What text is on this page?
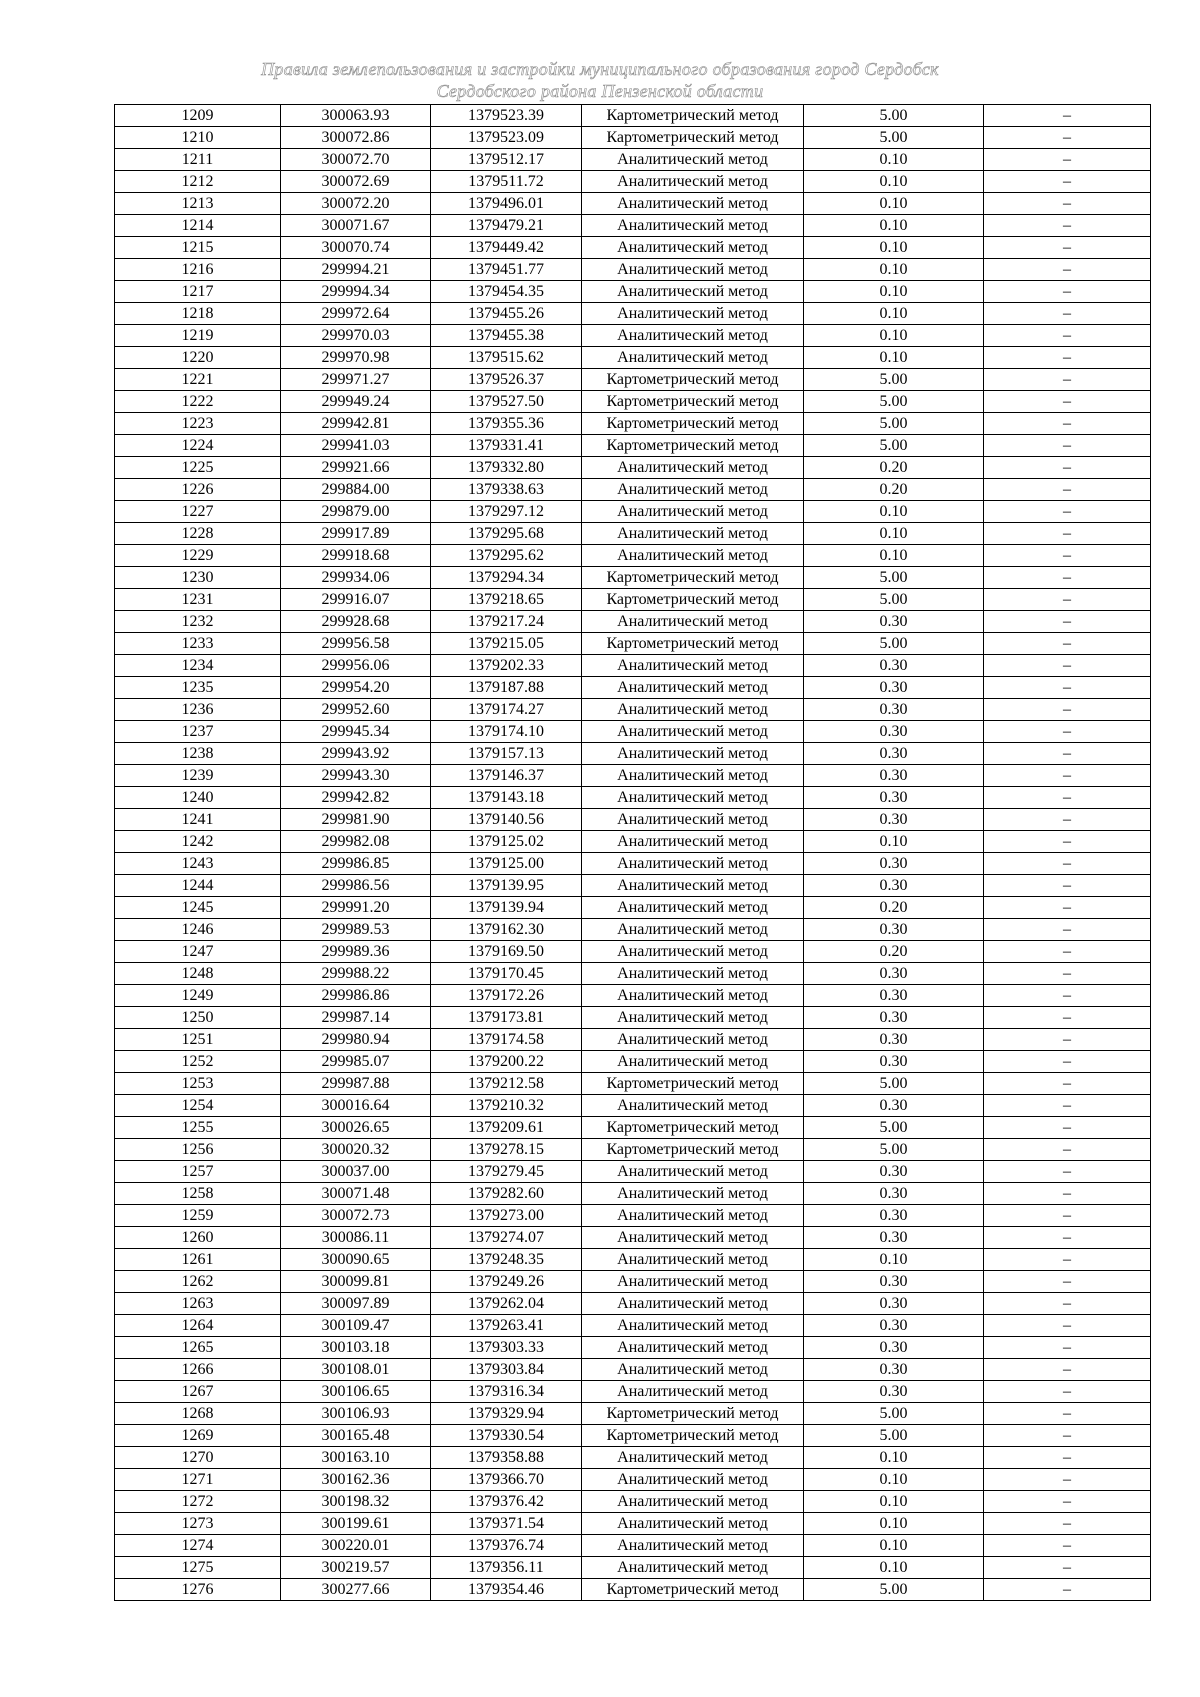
Правила землепользования и застройки муниципального образования город Сердобск
Сердобского района Пензенской области
1209	300063.93	1379523.39	Картометрический метод	5.00	–
1210	300072.86	1379523.09	Картометрический метод	5.00	–
1211	300072.70	1379512.17	Аналитический метод	0.10	–
1212	300072.69	1379511.72	Аналитический метод	0.10	–
1213	300072.20	1379496.01	Аналитический метод	0.10	–
1214	300071.67	1379479.21	Аналитический метод	0.10	–
1215	300070.74	1379449.42	Аналитический метод	0.10	–
1216	299994.21	1379451.77	Аналитический метод	0.10	–
1217	299994.34	1379454.35	Аналитический метод	0.10	–
1218	299972.64	1379455.26	Аналитический метод	0.10	–
1219	299970.03	1379455.38	Аналитический метод	0.10	–
1220	299970.98	1379515.62	Аналитический метод	0.10	–
1221	299971.27	1379526.37	Картометрический метод	5.00	–
1222	299949.24	1379527.50	Картометрический метод	5.00	–
1223	299942.81	1379355.36	Картометрический метод	5.00	–
1224	299941.03	1379331.41	Картометрический метод	5.00	–
1225	299921.66	1379332.80	Аналитический метод	0.20	–
1226	299884.00	1379338.63	Аналитический метод	0.20	–
1227	299879.00	1379297.12	Аналитический метод	0.10	–
1228	299917.89	1379295.68	Аналитический метод	0.10	–
1229	299918.68	1379295.62	Аналитический метод	0.10	–
1230	299934.06	1379294.34	Картометрический метод	5.00	–
1231	299916.07	1379218.65	Картометрический метод	5.00	–
1232	299928.68	1379217.24	Аналитический метод	0.30	–
1233	299956.58	1379215.05	Картометрический метод	5.00	–
1234	299956.06	1379202.33	Аналитический метод	0.30	–
1235	299954.20	1379187.88	Аналитический метод	0.30	–
1236	299952.60	1379174.27	Аналитический метод	0.30	–
1237	299945.34	1379174.10	Аналитический метод	0.30	–
1238	299943.92	1379157.13	Аналитический метод	0.30	–
1239	299943.30	1379146.37	Аналитический метод	0.30	–
1240	299942.82	1379143.18	Аналитический метод	0.30	–
1241	299981.90	1379140.56	Аналитический метод	0.30	–
1242	299982.08	1379125.02	Аналитический метод	0.10	–
1243	299986.85	1379125.00	Аналитический метод	0.30	–
1244	299986.56	1379139.95	Аналитический метод	0.30	–
1245	299991.20	1379139.94	Аналитический метод	0.20	–
1246	299989.53	1379162.30	Аналитический метод	0.30	–
1247	299989.36	1379169.50	Аналитический метод	0.20	–
1248	299988.22	1379170.45	Аналитический метод	0.30	–
1249	299986.86	1379172.26	Аналитический метод	0.30	–
1250	299987.14	1379173.81	Аналитический метод	0.30	–
1251	299980.94	1379174.58	Аналитический метод	0.30	–
1252	299985.07	1379200.22	Аналитический метод	0.30	–
1253	299987.88	1379212.58	Картометрический метод	5.00	–
1254	300016.64	1379210.32	Аналитический метод	0.30	–
1255	300026.65	1379209.61	Картометрический метод	5.00	–
1256	300020.32	1379278.15	Картометрический метод	5.00	–
1257	300037.00	1379279.45	Аналитический метод	0.30	–
1258	300071.48	1379282.60	Аналитический метод	0.30	–
1259	300072.73	1379273.00	Аналитический метод	0.30	–
1260	300086.11	1379274.07	Аналитический метод	0.30	–
1261	300090.65	1379248.35	Аналитический метод	0.10	–
1262	300099.81	1379249.26	Аналитический метод	0.30	–
1263	300097.89	1379262.04	Аналитический метод	0.30	–
1264	300109.47	1379263.41	Аналитический метод	0.30	–
1265	300103.18	1379303.33	Аналитический метод	0.30	–
1266	300108.01	1379303.84	Аналитический метод	0.30	–
1267	300106.65	1379316.34	Аналитический метод	0.30	–
1268	300106.93	1379329.94	Картометрический метод	5.00	–
1269	300165.48	1379330.54	Картометрический метод	5.00	–
1270	300163.10	1379358.88	Аналитический метод	0.10	–
1271	300162.36	1379366.70	Аналитический метод	0.10	–
1272	300198.32	1379376.42	Аналитический метод	0.10	–
1273	300199.61	1379371.54	Аналитический метод	0.10	–
1274	300220.01	1379376.74	Аналитический метод	0.10	–
1275	300219.57	1379356.11	Аналитический метод	0.10	–
1276	300277.66	1379354.46	Картометрический метод	5.00	–
